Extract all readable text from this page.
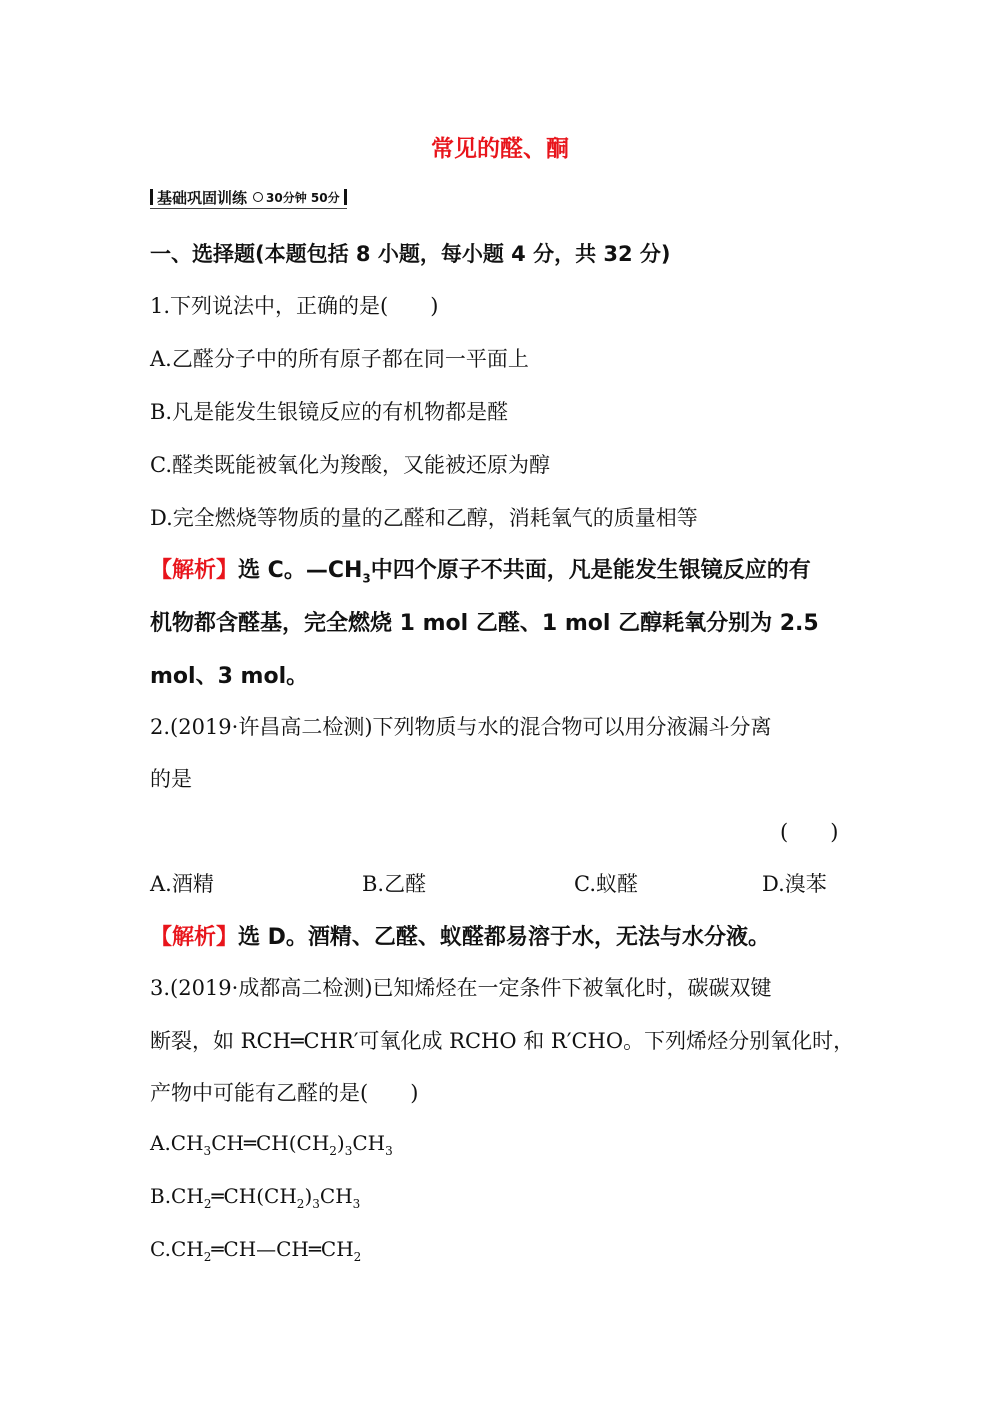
常见的醛、酮
基础巩固训练 30分钟 50分
一、选择题(本题包括 8 小题，每小题 4 分，共 32 分)
1.下列说法中，正确的是(　　)
A.乙醛分子中的所有原子都在同一平面上
B.凡是能发生银镜反应的有机物都是醛
C.醛类既能被氧化为羧酸，又能被还原为醇
D.完全燃烧等物质的量的乙醛和乙醇，消耗氧气的质量相等
【解析】选 C。$—CH_3$中四个原子不共面，凡是能发生银镜反应的有
机物都含醛基，完全燃烧 1 mol 乙醛、1 mol 乙醇耗氧分别为 2.5
mol、3 mol。
2.(2019·许昌高二检测)下列物质与水的混合物可以用分液漏斗分离
的是
(　　)
A.酒精	B.乙醛	C.蚁醛	D.溴苯
【解析】选 D。酒精、乙醛、蚁醛都易溶于水，无法与水分液。
3.(2019·成都高二检测)已知烯烃在一定条件下被氧化时，碳碳双键
断裂，如 RCH═CHR′可氧化成 RCHO 和 R′CHO。下列烯烃分别氧化时，
产物中可能有乙醛的是(　　)
$A.CH_3CH═CH(CH_2)_3CH_3$
$B.CH_2═CH(CH_2)_3CH_3$
$C.CH_2═CH—CH═CH_2$
